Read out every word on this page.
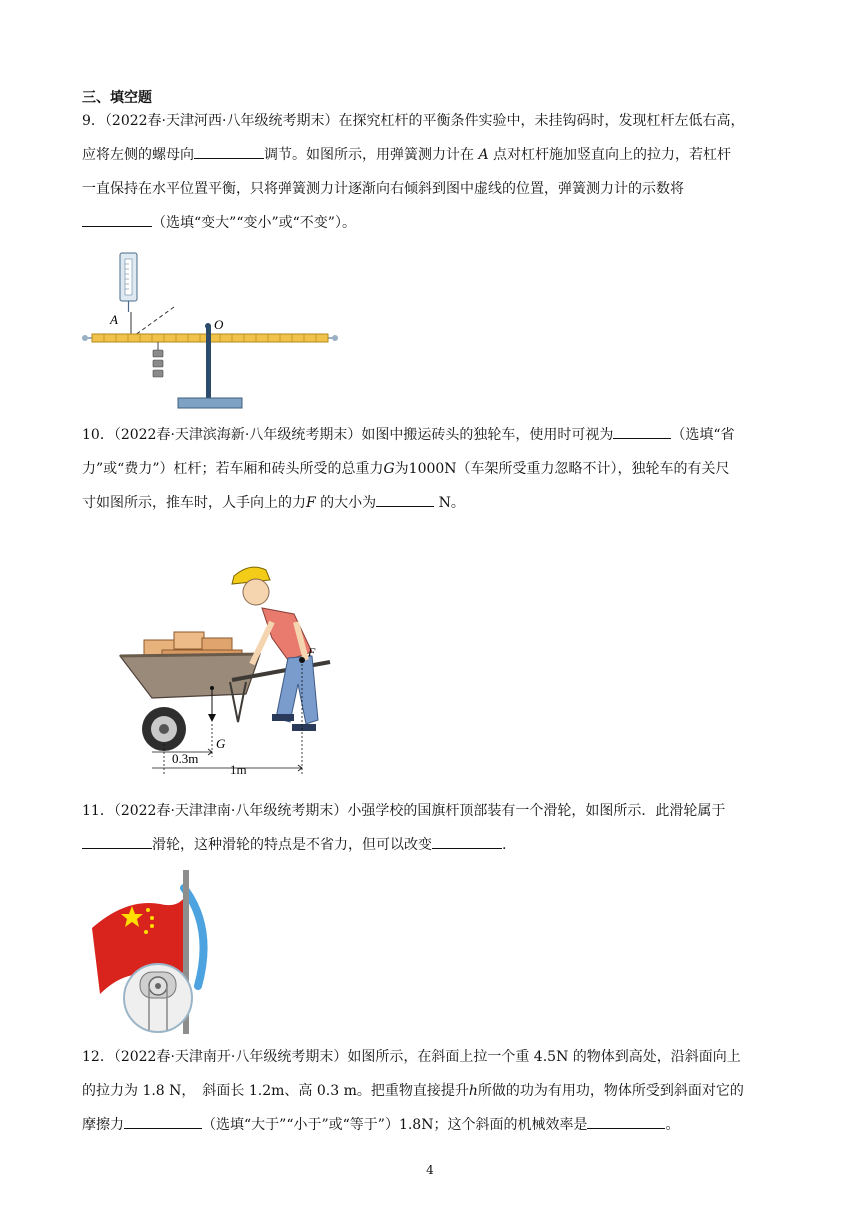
三、填空题

9．（2022春·天津河西·八年级统考期末）在探究杠杆的平衡条件实验中，未挂钩码时，发现杠杆左低右高，

应将左侧的螺母向	调节。如图所示，用弹簧测力计在 A 点对杠杆施加竖直向上的拉力，若杠杆

一直保持在水平位置平衡，只将弹簧测力计逐渐向右倾斜到图中虚线的位置，弹簧测力计的示数将

（选填“变大”“变小”或“不变”）。

A	O

10．（2022春·天津滨海新·八年级统考期末）如图中搬运砖头的独轮车，使用时可视为	（选填“省

力”或“费力”）杠杆；若车厢和砖头所受的总重力G为1000N（车架所受重力忽略不计），独轮车的有关尺

寸如图所示，推车时，人手向上的力F 的大小为	N。

G
F
0.3m
1m

11．（2022春·天津津南·八年级统考期末）小强学校的国旗杆顶部装有一个滑轮，如图所示．此滑轮属于

滑轮，这种滑轮的特点是不省力，但可以改变	.

12．（2022春·天津南开·八年级统考期末）如图所示，在斜面上拉一个重 4.5N 的物体到高处，沿斜面向上

的拉力为 1.8 N，　斜面长 1.2m、高 0.3 m。把重物直接提升h所做的功为有用功，物体所受到斜面对它的

摩擦力	（选填“大于”“小于”或“等于”）1.8N；这个斜面的机械效率是	。

4
